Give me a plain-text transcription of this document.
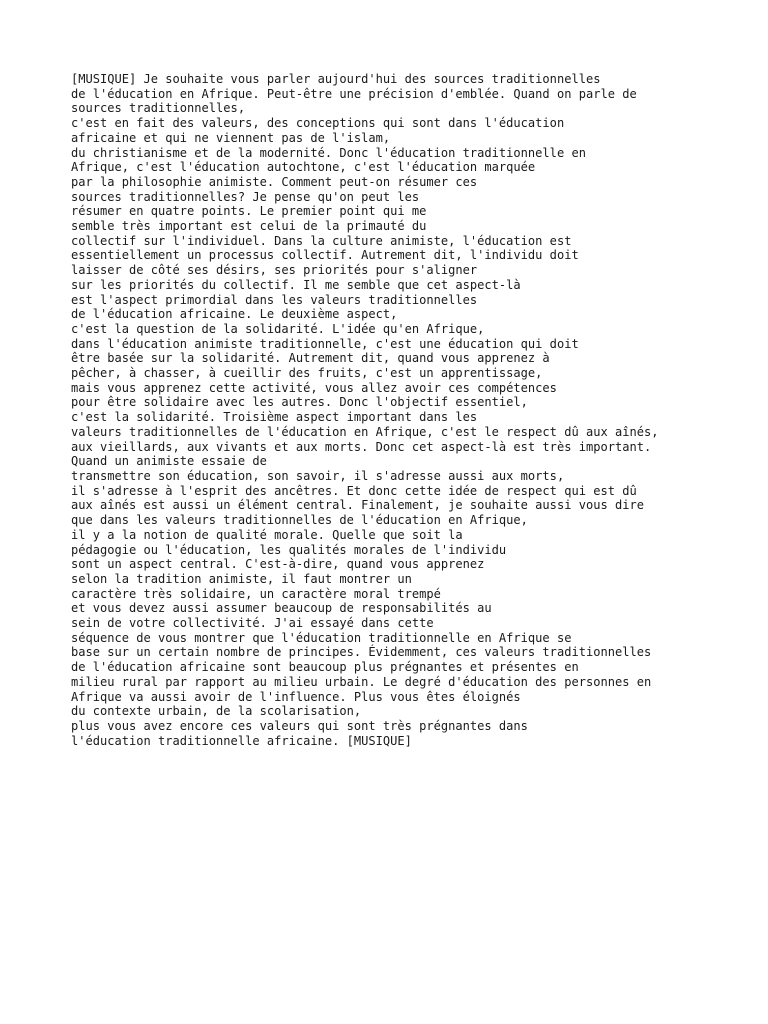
[MUSIQUE] Je souhaite vous parler aujourd'hui des sources traditionnelles
de l'éducation en Afrique. Peut-être une précision d'emblée. Quand on parle de
sources traditionnelles,
c'est en fait des valeurs, des conceptions qui sont dans l'éducation
africaine et qui ne viennent pas de l'islam,
du christianisme et de la modernité. Donc l'éducation traditionnelle en
Afrique, c'est l'éducation autochtone, c'est l'éducation marquée
par la philosophie animiste. Comment peut-on résumer ces
sources traditionnelles? Je pense qu'on peut les
résumer en quatre points. Le premier point qui me
semble très important est celui de la primauté du
collectif sur l'individuel. Dans la culture animiste, l'éducation est
essentiellement un processus collectif. Autrement dit, l'individu doit
laisser de côté ses désirs, ses priorités pour s'aligner
sur les priorités du collectif. Il me semble que cet aspect-là
est l'aspect primordial dans les valeurs traditionnelles
de l'éducation africaine. Le deuxième aspect,
c'est la question de la solidarité. L'idée qu'en Afrique,
dans l'éducation animiste traditionnelle, c'est une éducation qui doit
être basée sur la solidarité. Autrement dit, quand vous apprenez à
pêcher, à chasser, à cueillir des fruits, c'est un apprentissage,
mais vous apprenez cette activité, vous allez avoir ces compétences
pour être solidaire avec les autres. Donc l'objectif essentiel,
c'est la solidarité. Troisième aspect important dans les
valeurs traditionnelles de l'éducation en Afrique, c'est le respect dû aux aînés,
aux vieillards, aux vivants et aux morts. Donc cet aspect-là est très important.
Quand un animiste essaie de
transmettre son éducation, son savoir, il s'adresse aussi aux morts,
il s'adresse à l'esprit des ancêtres. Et donc cette idée de respect qui est dû
aux aînés est aussi un élément central. Finalement, je souhaite aussi vous dire
que dans les valeurs traditionnelles de l'éducation en Afrique,
il y a la notion de qualité morale. Quelle que soit la
pédagogie ou l'éducation, les qualités morales de l'individu
sont un aspect central. C'est-à-dire, quand vous apprenez
selon la tradition animiste, il faut montrer un
caractère très solidaire, un caractère moral trempé
et vous devez aussi assumer beaucoup de responsabilités au
sein de votre collectivité. J'ai essayé dans cette
séquence de vous montrer que l'éducation traditionnelle en Afrique se
base sur un certain nombre de principes. Évidemment, ces valeurs traditionnelles
de l'éducation africaine sont beaucoup plus prégnantes et présentes en
milieu rural par rapport au milieu urbain. Le degré d'éducation des personnes en
Afrique va aussi avoir de l'influence. Plus vous êtes éloignés
du contexte urbain, de la scolarisation,
plus vous avez encore ces valeurs qui sont très prégnantes dans
l'éducation traditionnelle africaine. [MUSIQUE]
